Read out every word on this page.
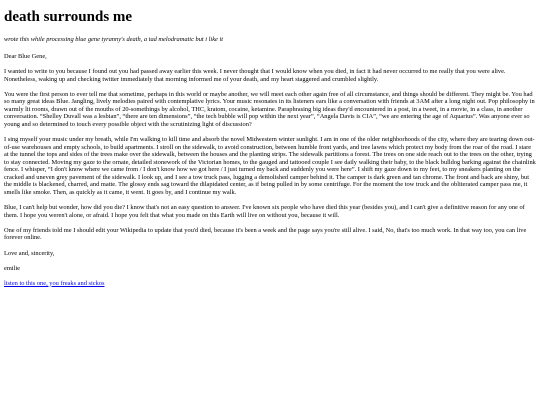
death surrounds me

wrote this while processing blue gene tyranny's death, a tad melodramatic but i like it

Dear Blue Gene,

I wanted to write to you because I found out you had passed away earlier this week. I never thought that I would know when you died, in fact it had never occurred to me really that you were alive. Nonetheless, waking up and checking twitter immediately that morning informed me of your death, and my heart staggered and crumbled slightly.

You were the first person to ever tell me that sometime, perhaps in this world or maybe another, we will meet each other again free of all circumstance, and things should be different. They might be. You had so many great ideas Blue. Jangling, lively melodies paired with contemplative lyrics. Your music resonates in its listeners ears like a conversation with friends at 3AM after a long night out. Pop philosophy in warmly lit rooms, drawn out of the mouths of 20-somethings by alcohol, THC, kratom, cocaine, ketamine. Paraphrasing big ideas they'd encountered in a post, in a tweet, in a movie, in a class, in another conversation. “Shelley Duvall was a lesbian”, “there are ten dimensions”, “the tech bubble will pop within the next year”, “Angela Davis is CIA”, “we are entering the age of Aquarius”. Was anyone ever so young and so determined to touch every possible object with the scrutinizing light of discussion?

I sing myself your music under my breath, while I'm walking to kill time and absorb the novel Midwestern winter sunlight. I am in one of the older neighborhoods of the city, where they are tearing down out-of-use warehouses and empty schools, to build apartments. I stroll on the sidewalk, to avoid construction, between humble front yards, and tree lawns which protect my body from the roar of the road. I stare at the tunnel the tops and sides of the trees make over the sidewalk, between the houses and the planting strips. The sidewalk partitions a forest. The trees on one side reach out to the trees on the other, trying to stay connected. Moving my gaze to the ornate, detailed stonework of the Victorian homes, to the gauged and tattooed couple I see daily walking their baby, to the black bulldog barking against the chainlink fence. I whisper, “I don't know where we came from / I don't know how we got here / I just turned my back and suddenly you were here”. I shift my gaze down to my feet, to my sneakers planting on the cracked and uneven grey pavement of the sidewalk. I look up, and I see a tow truck pass, lugging a demolished camper behind it. The camper is dark green and tan chrome. The front and back are shiny, but the middle is blackened, charred, and matte. The glossy ends sag toward the dilapidated center, as if being pulled in by some centrifuge. For the moment the tow truck and the obliterated camper pass me, it smells like smoke. Then, as quickly as it came, it went. It goes by, and I continue my walk.

Blue, I can't help but wonder, how did you die? I know that's not an easy question to answer. I've known six people who have died this year (besides you), and I can't give a definitive reason for any one of them. I hope you weren't alone, or afraid. I hope you felt that what you made on this Earth will live on without you, because it will.

One of my friends told me I should edit your Wikipedia to update that you'd died, because it's been a week and the page says you're still alive. I said, No, that's too much work. In that way too, you can live forever online.

Love and, sincerity,

emilie

listen to this one, you freaks and sickos
